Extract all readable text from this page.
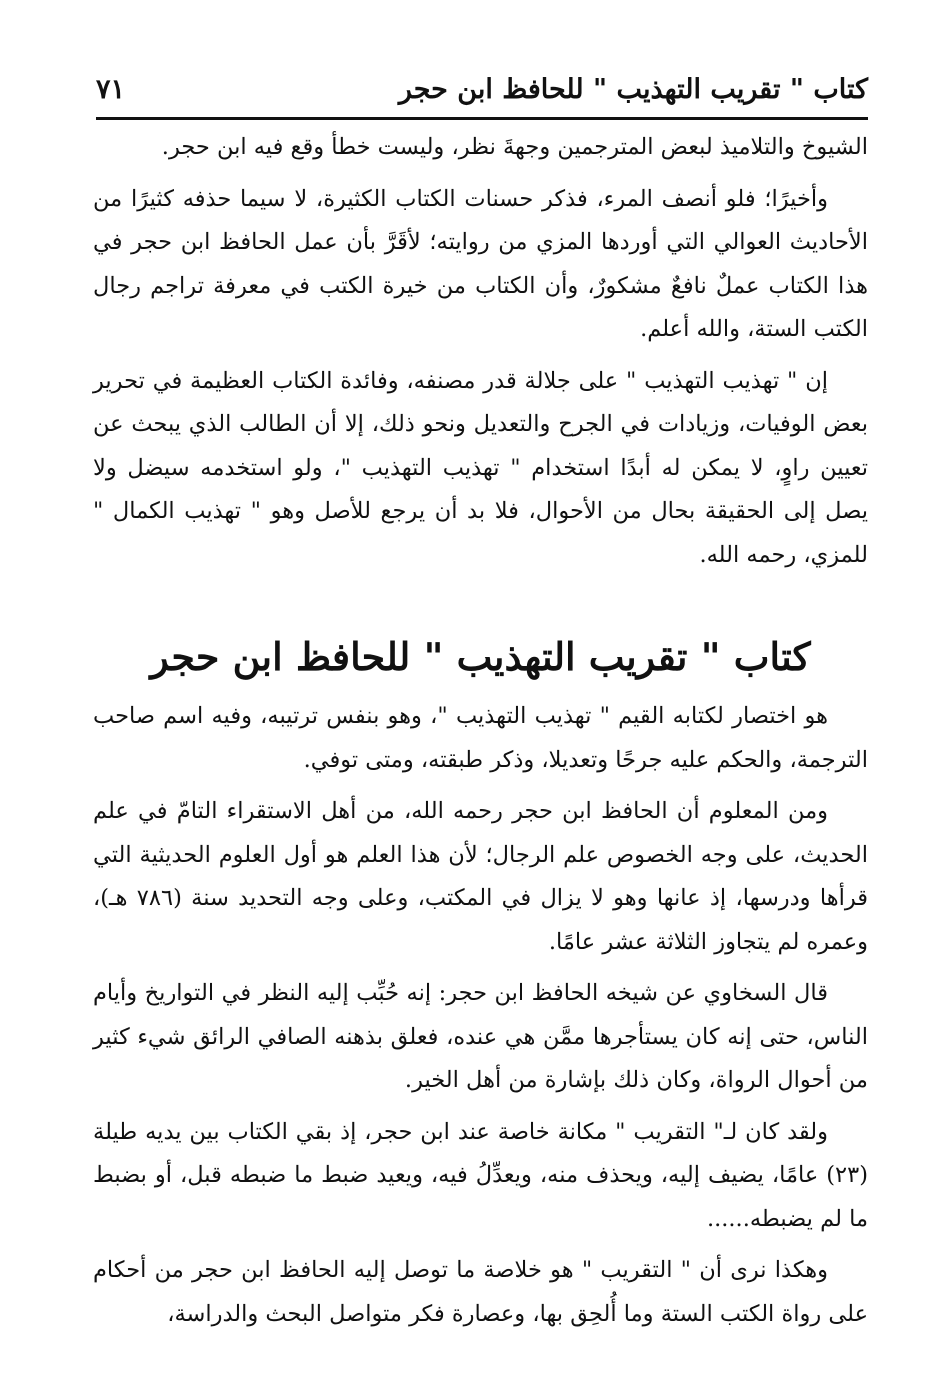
كتاب " تقريب التهذيب " للحافظ ابن حجر
٧١

الشيوخ والتلاميذ لبعض المترجمين وجهةَ نظر، وليست خطأ وقع فيه ابن حجر.

وأخيرًا؛ فلو أنصف المرء، فذكر حسنات الكتاب الكثيرة، لا سيما حذفه كثيرًا من الأحاديث العوالي التي أوردها المزي من روايته؛ لأقَرَّ بأن عمل الحافظ ابن حجر في هذا الكتاب عملٌ نافعٌ مشكورٌ، وأن الكتاب من خيرة الكتب في معرفة تراجم رجال الكتب الستة، والله أعلم.

إن " تهذيب التهذيب " على جلالة قدر مصنفه، وفائدة الكتاب العظيمة في تحرير بعض الوفيات، وزيادات في الجرح والتعديل ونحو ذلك، إلا أن الطالب الذي يبحث عن تعيين راوٍ، لا يمكن له أبدًا استخدام " تهذيب التهذيب "، ولو استخدمه سيضل ولا يصل إلى الحقيقة بحال من الأحوال، فلا بد أن يرجع للأصل وهو " تهذيب الكمال " للمزي، رحمه الله.

كتاب " تقريب التهذيب " للحافظ ابن حجر

هو اختصار لكتابه القيم " تهذيب التهذيب "، وهو بنفس ترتيبه، وفيه اسم صاحب الترجمة، والحكم عليه جرحًا وتعديلا، وذكر طبقته، ومتى توفي.

ومن المعلوم أن الحافظ ابن حجر رحمه الله، من أهل الاستقراء التامّ في علم الحديث، على وجه الخصوص علم الرجال؛ لأن هذا العلم هو أول العلوم الحديثية التي قرأها ودرسها، إذ عانها وهو لا يزال في المكتب، وعلى وجه التحديد سنة (٧٨٦ هـ)، وعمره لم يتجاوز الثلاثة عشر عامًا.

قال السخاوي عن شيخه الحافظ ابن حجر: إنه حُبِّب إليه النظر في التواريخ وأيام الناس، حتى إنه كان يستأجرها ممَّن هي عنده، فعلق بذهنه الصافي الرائق شيء كثير من أحوال الرواة، وكان ذلك بإشارة من أهل الخير.

ولقد كان لـ" التقريب " مكانة خاصة عند ابن حجر، إذ بقي الكتاب بين يديه طيلة (٢٣) عامًا، يضيف إليه، ويحذف منه، ويعدِّلُ فيه، ويعيد ضبط ما ضبطه قبل، أو بضبط ما لم يضبطه......

وهكذا نرى أن " التقريب " هو خلاصة ما توصل إليه الحافظ ابن حجر من أحكام على رواة الكتب الستة وما أُلحِق بها، وعصارة فكر متواصل البحث والدراسة،
